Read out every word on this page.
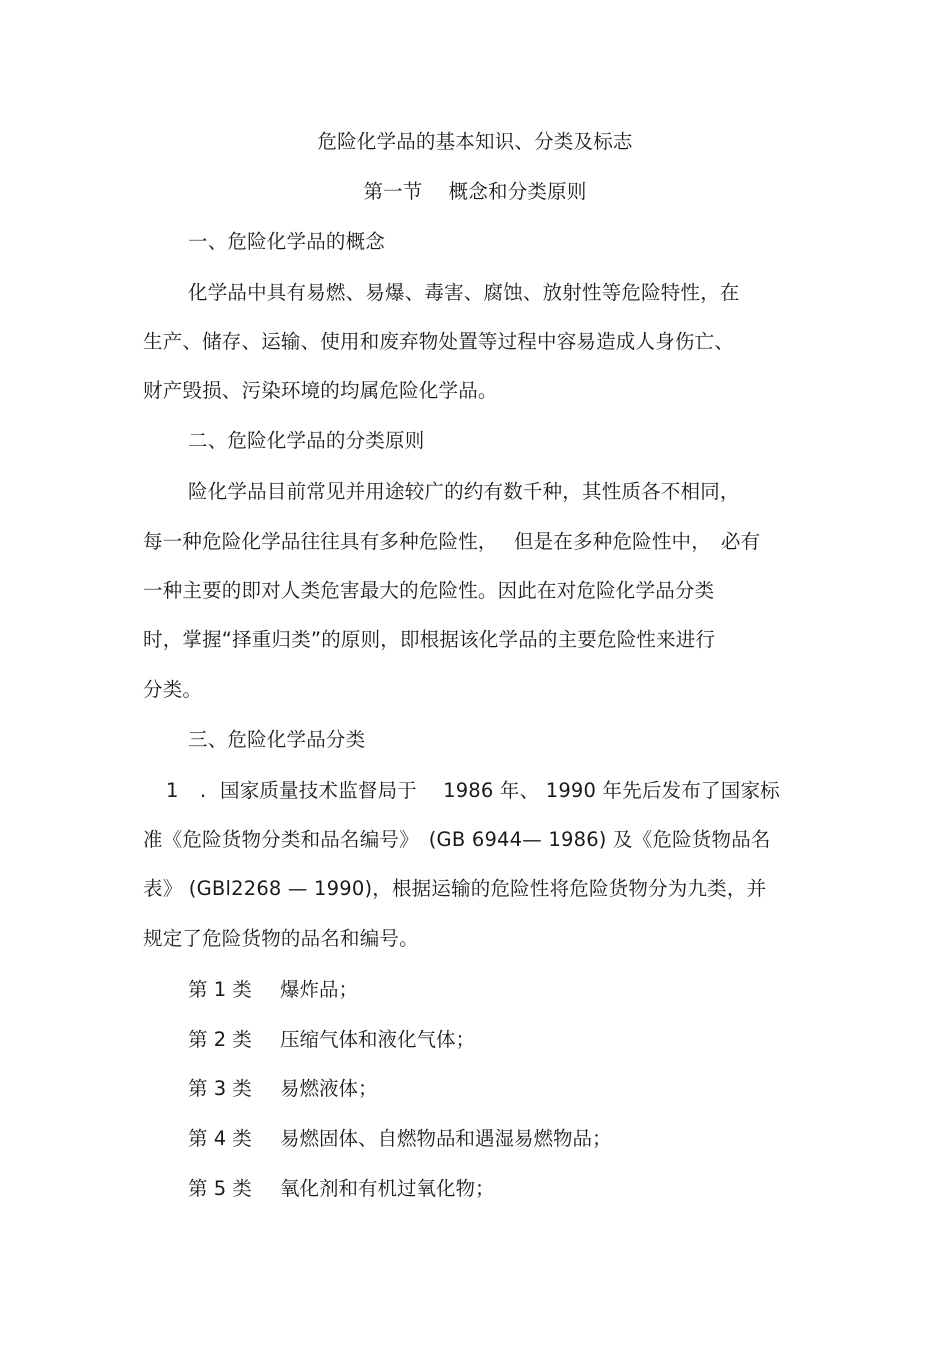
危险化学品的基本知识、分类及标志
第一节　 概念和分类原则
一、危险化学品的概念
化学品中具有易燃、易爆、毒害、腐蚀、放射性等危险特性，在
生产、储存、运输、使用和废弃物处置等过程中容易造成人身伤亡、
财产毁损、污染环境的均属危险化学品。
二、危险化学品的分类原则
险化学品目前常见并用途较广的约有数千种，其性质各不相同，
每一种危险化学品往往具有多种危险性，　 但是在多种危险性中，　必有
一种主要的即对人类危害最大的危险性。因此在对危险化学品分类
时，掌握“择重归类”的原则，即根据该化学品的主要危险性来进行
分类。
三、危险化学品分类
1 . 国家质量技术监督局于　 1986 年、 1990 年先后发布了国家标
准《危险货物分类和品名编号》　(GB 6944— 1986) 及《危险货物品名
表》 (GBl2268 — 1990)，根据运输的危险性将危险货物分为九类，并
规定了危险货物的品名和编号。
第 1 类 爆炸品；
第 2 类 压缩气体和液化气体；
第 3 类 易燃液体；
第 4 类 易燃固体、自燃物品和遇湿易燃物品；
第 5 类 氧化剂和有机过氧化物；
